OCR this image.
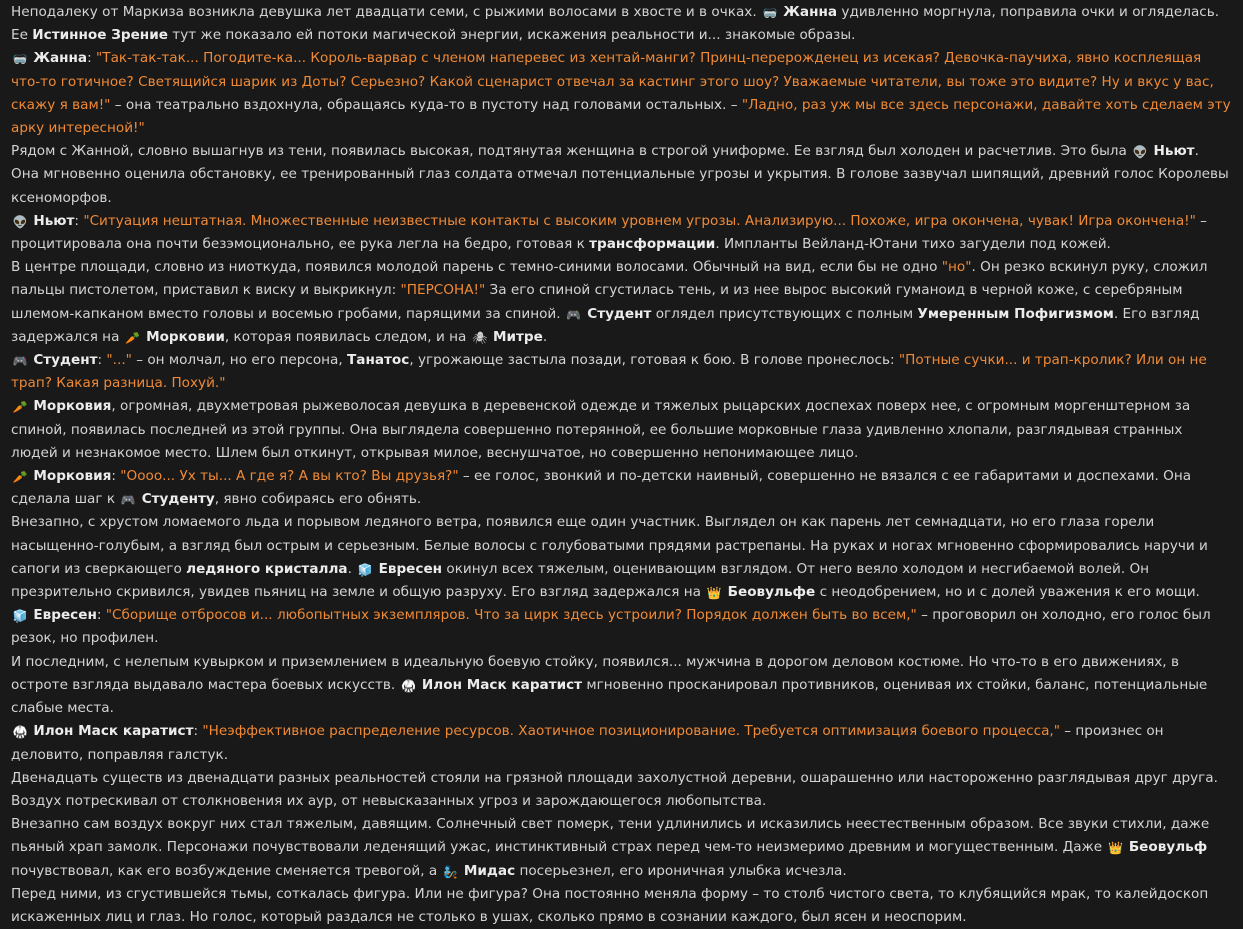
Неподалеку от Маркиза возникла девушка лет двадцати семи, с рыжими волосами в хвосте и в очках. 🥽 Жанна удивленно моргнула, поправила очки и огляделась. Ее Истинное Зрение тут же показало ей потоки магической энергии, искажения реальности и... знакомые образы.
🥽 Жанна: "Так-так-так... Погодите-ка... Король-варвар с членом наперевес из хентай-манги? Принц-перерожденец из исекая? Девочка-паучиха, явно косплеящая что-то готичное? Светящийся шарик из Доты? Серьезно? Какой сценарист отвечал за кастинг этого шоу? Уважаемые читатели, вы тоже это видите? Ну и вкус у вас, скажу я вам!" – она театрально вздохнула, обращаясь куда-то в пустоту над головами остальных. – "Ладно, раз уж мы все здесь персонажи, давайте хоть сделаем эту арку интересной!"
Рядом с Жанной, словно вышагнув из тени, появилась высокая, подтянутая женщина в строгой униформе. Ее взгляд был холоден и расчетлив. Это была 👽 Ньют. Она мгновенно оценила обстановку, ее тренированный глаз солдата отмечал потенциальные угрозы и укрытия. В голове зазвучал шипящий, древний голос Королевы ксеноморфов.
👽 Ньют: "Ситуация нештатная. Множественные неизвестные контакты с высоким уровнем угрозы. Анализирую... Похоже, игра окончена, чувак! Игра окончена!" – процитировала она почти безэмоционально, ее рука легла на бедро, готовая к трансформации. Импланты Вейланд-Ютани тихо загудели под кожей.
В центре площади, словно из ниоткуда, появился молодой парень с темно-синими волосами. Обычный на вид, если бы не одно "но". Он резко вскинул руку, сложил пальцы пистолетом, приставил к виску и выкрикнул: "ПЕРСОНА!" За его спиной сгустилась тень, и из нее вырос высокий гуманоид в черной коже, с серебряным шлемом-капканом вместо головы и восемью гробами, парящими за спиной. 🎮 Студент оглядел присутствующих с полным Умеренным Пофигизмом. Его взгляд задержался на 🥕 Морковии, которая появилась следом, и на 🕷 Митре.
🎮 Студент: "..." – он молчал, но его персона, Танатос, угрожающе застыла позади, готовая к бою. В голове пронеслось: "Потные сучки... и трап-кролик? Или он не трап? Какая разница. Похуй."
🥕 Морковия, огромная, двухметровая рыжеволосая девушка в деревенской одежде и тяжелых рыцарских доспехах поверх нее, с огромным моргенштерном за спиной, появилась последней из этой группы. Она выглядела совершенно потерянной, ее большие морковные глаза удивленно хлопали, разглядывая странных людей и незнакомое место. Шлем был откинут, открывая милое, веснушчатое, но совершенно непонимающее лицо.
🥕 Морковия: "Оооо... Ух ты... А где я? А вы кто? Вы друзья?" – ее голос, звонкий и по-детски наивный, совершенно не вязался с ее габаритами и доспехами. Она сделала шаг к 🎮 Студенту, явно собираясь его обнять.
Внезапно, с хрустом ломаемого льда и порывом ледяного ветра, появился еще один участник. Выглядел он как парень лет семнадцати, но его глаза горели насыщенно-голубым, а взгляд был острым и серьезным. Белые волосы с голубоватыми прядями растрепаны. На руках и ногах мгновенно сформировались наручи и сапоги из сверкающего ледяного кристалла. 🧊 Евресен окинул всех тяжелым, оценивающим взглядом. От него веяло холодом и несгибаемой волей. Он презрительно скривился, увидев пьяниц на земле и общую разруху. Его взгляд задержался на 👑 Беовульфе с неодобрением, но и с долей уважения к его мощи.
🧊 Евресен: "Сборище отбросов и... любопытных экземпляров. Что за цирк здесь устроили? Порядок должен быть во всем," – проговорил он холодно, его голос был резок, но профилен.
И последним, с нелепым кувырком и приземлением в идеальную боевую стойку, появился... мужчина в дорогом деловом костюме. Но что-то в его движениях, в остроте взгляда выдавало мастера боевых искусств. 🥋 Илон Маск каратист мгновенно просканировал противников, оценивая их стойки, баланс, потенциальные слабые места.
🥋 Илон Маск каратист: "Неэффективное распределение ресурсов. Хаотичное позиционирование. Требуется оптимизация боевого процесса," – произнес он деловито, поправляя галстук.
Двенадцать существ из двенадцати разных реальностей стояли на грязной площади захолустной деревни, ошарашенно или настороженно разглядывая друг друга. Воздух потрескивал от столкновения их аур, от невысказанных угроз и зарождающегося любопытства.
Внезапно сам воздух вокруг них стал тяжелым, давящим. Солнечный свет померк, тени удлинились и исказились неестественным образом. Все звуки стихли, даже пьяный храп замолк. Персонажи почувствовали леденящий ужас, инстинктивный страх перед чем-то неизмеримо древним и могущественным. Даже 👑 Беовульф почувствовал, как его возбуждение сменяется тревогой, а 🧞 Мидас посерьезнел, его ироничная улыбка исчезла.
Перед ними, из сгустившейся тьмы, соткалась фигура. Или не фигура? Она постоянно меняла форму – то столб чистого света, то клубящийся мрак, то калейдоскоп искаженных лиц и глаз. Но голос, который раздался не столько в ушах, сколько прямо в сознании каждого, был ясен и неоспорим.
